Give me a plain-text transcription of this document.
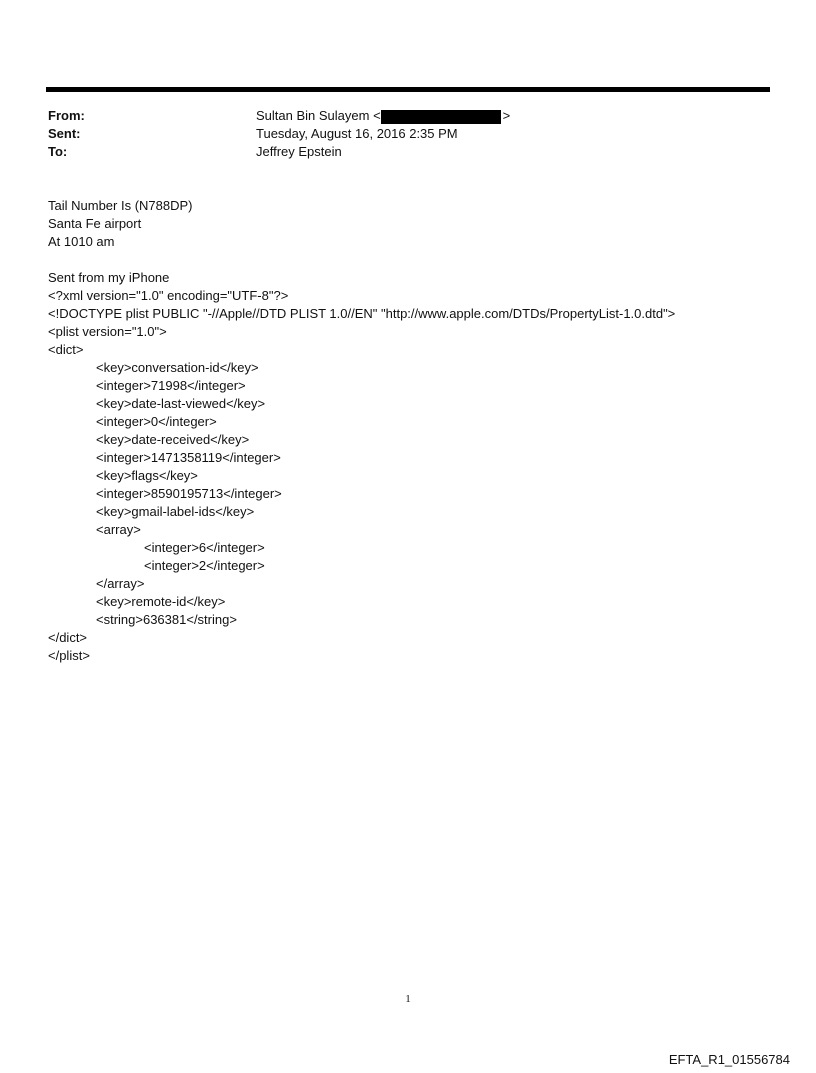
From:	Sultan Bin Sulayem <	>
Sent:	Tuesday, August 16, 2016 2:35 PM
To:	Jeffrey Epstein
Tail Number Is (N788DP)
Santa Fe airport
At 1010 am
Sent from my iPhone
<?xml version="1.0" encoding="UTF-8"?>
<!DOCTYPE plist PUBLIC "-//Apple//DTD PLIST 1.0//EN" "http://www.apple.com/DTDs/PropertyList-1.0.dtd">
<plist version="1.0">
<dict>
<key>conversation-id</key>
<integer>71998</integer>
<key>date-last-viewed</key>
<integer>0</integer>
<key>date-received</key>
<integer>1471358119</integer>
<key>flags</key>
<integer>8590195713</integer>
<key>gmail-label-ids</key>
<array>
<integer>6</integer>
<integer>2</integer>
</array>
<key>remote-id</key>
<string>636381</string>
</dict>
</plist>
1
EFTA_R1_01556784
